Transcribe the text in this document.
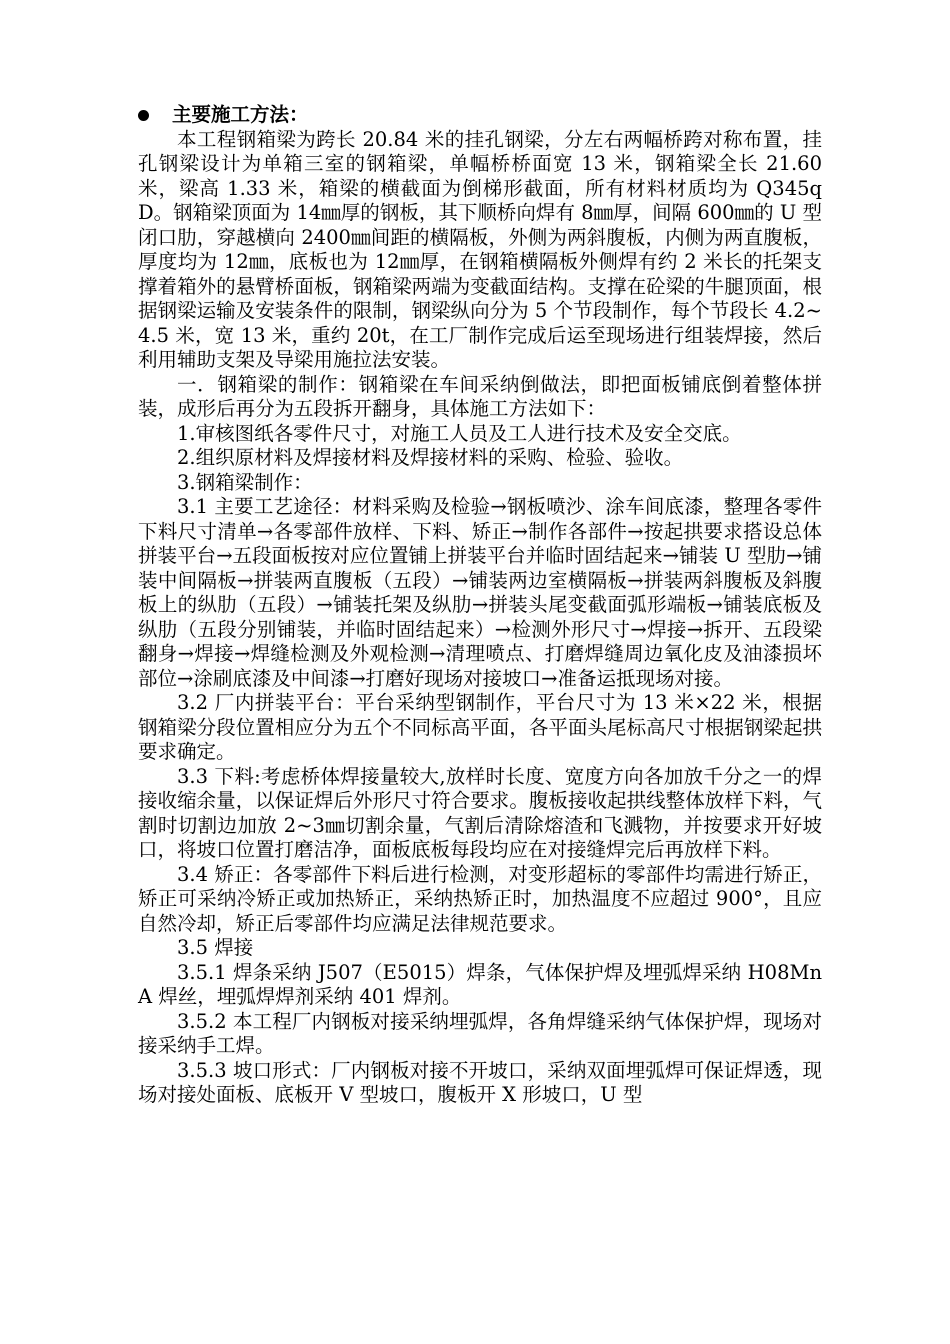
主要施工方法：

本工程钢箱梁为跨长 20.84 米的挂孔钢梁，分左右两幅桥跨对称布置，挂孔钢梁设计为单箱三室的钢箱梁，单幅桥桥面宽 13 米，钢箱梁全长 21.60 米，梁高 1.33 米，箱梁的横截面为倒梯形截面，所有材料材质均为 Q345qD。钢箱梁顶面为 14㎜厚的钢板，其下顺桥向焊有 8㎜厚，间隔 600㎜的 U 型闭口肋，穿越横向 2400㎜间距的横隔板，外侧为两斜腹板，内侧为两直腹板，厚度均为 12㎜，底板也为 12㎜厚，在钢箱横隔板外侧焊有约 2 米长的托架支撑着箱外的悬臂桥面板，钢箱梁两端为变截面结构。支撑在砼梁的牛腿顶面，根据钢梁运输及安装条件的限制，钢梁纵向分为 5 个节段制作，每个节段长 4.2~4.5 米，宽 13 米，重约 20t，在工厂制作完成后运至现场进行组装焊接，然后利用辅助支架及导梁用施拉法安装。

一．钢箱梁的制作：钢箱梁在车间采纳倒做法，即把面板铺底倒着整体拼装，成形后再分为五段拆开翻身，具体施工方法如下：

1.审核图纸各零件尺寸，对施工人员及工人进行技术及安全交底。

2.组织原材料及焊接材料及焊接材料的采购、检验、验收。

3.钢箱梁制作：

3.1 主要工艺途径：材料采购及检验→钢板喷沙、涂车间底漆，整理各零件下料尺寸清单→各零部件放样、下料、矫正→制作各部件→按起拱要求搭设总体拼装平台→五段面板按对应位置铺上拼装平台并临时固结起来→铺装 U 型肋→铺装中间隔板→拼装两直腹板（五段）→铺装两边室横隔板→拼装两斜腹板及斜腹板上的纵肋（五段）→铺装托架及纵肋→拼装头尾变截面弧形端板→铺装底板及纵肋（五段分别铺装，并临时固结起来）→检测外形尺寸→焊接→拆开、五段梁翻身→焊接→焊缝检测及外观检测→清理喷点、打磨焊缝周边氧化皮及油漆损坏部位→涂刷底漆及中间漆→打磨好现场对接坡口→准备运抵现场对接。

3.2 厂内拼装平台：平台采纳型钢制作，平台尺寸为 13 米×22 米，根据钢箱梁分段位置相应分为五个不同标高平面，各平面头尾标高尺寸根据钢梁起拱要求确定。

3.3 下料:考虑桥体焊接量较大,放样时长度、宽度方向各加放千分之一的焊接收缩余量，以保证焊后外形尺寸符合要求。腹板接收起拱线整体放样下料，气割时切割边加放 2~3㎜切割余量，气割后清除熔渣和飞溅物，并按要求开好坡口，将坡口位置打磨洁净，面板底板每段均应在对接缝焊完后再放样下料。

3.4 矫正：各零部件下料后进行检测，对变形超标的零部件均需进行矫正，矫正可采纳冷矫正或加热矫正，采纳热矫正时，加热温度不应超过 900°，且应自然冷却，矫正后零部件均应满足法律规范要求。

3.5 焊接

3.5.1 焊条采纳 J507（E5015）焊条，气体保护焊及埋弧焊采纳 H08MnA 焊丝，埋弧焊焊剂采纳 401 焊剂。

3.5.2 本工程厂内钢板对接采纳埋弧焊，各角焊缝采纳气体保护焊，现场对接采纳手工焊。

3.5.3 坡口形式：厂内钢板对接不开坡口，采纳双面埋弧焊可保证焊透，现场对接处面板、底板开 V 型坡口，腹板开 X 形坡口，U 型
